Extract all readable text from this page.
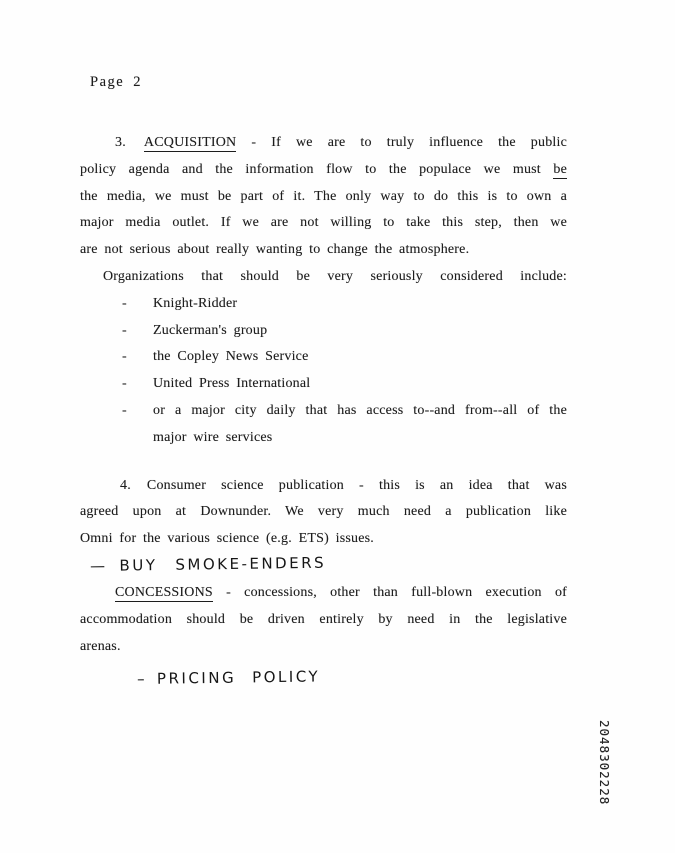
Page 2
3. ACQUISITION - If we are to truly influence the public
policy agenda and the information flow to the populace we must be
the media, we must be part of it. The only way to do this is to own a
major media outlet. If we are not willing to take this step, then we
are not serious about really wanting to change the atmosphere.
Organizations that should be very seriously considered include:
- Knight-Ridder
- Zuckerman's group
- the Copley News Service
- United Press International
- or a major city daily that has access to--and from--all of the
major wire services
4. Consumer science publication - this is an idea that was
agreed upon at Downunder. We very much need a publication like
Omni for the various science (e.g. ETS) issues.
— BUY SMOKE-ENDERS
CONCESSIONS - concessions, other than full-blown execution of
accommodation should be driven entirely by need in the legislative
arenas.
– PRICING POLICY
2048302228
